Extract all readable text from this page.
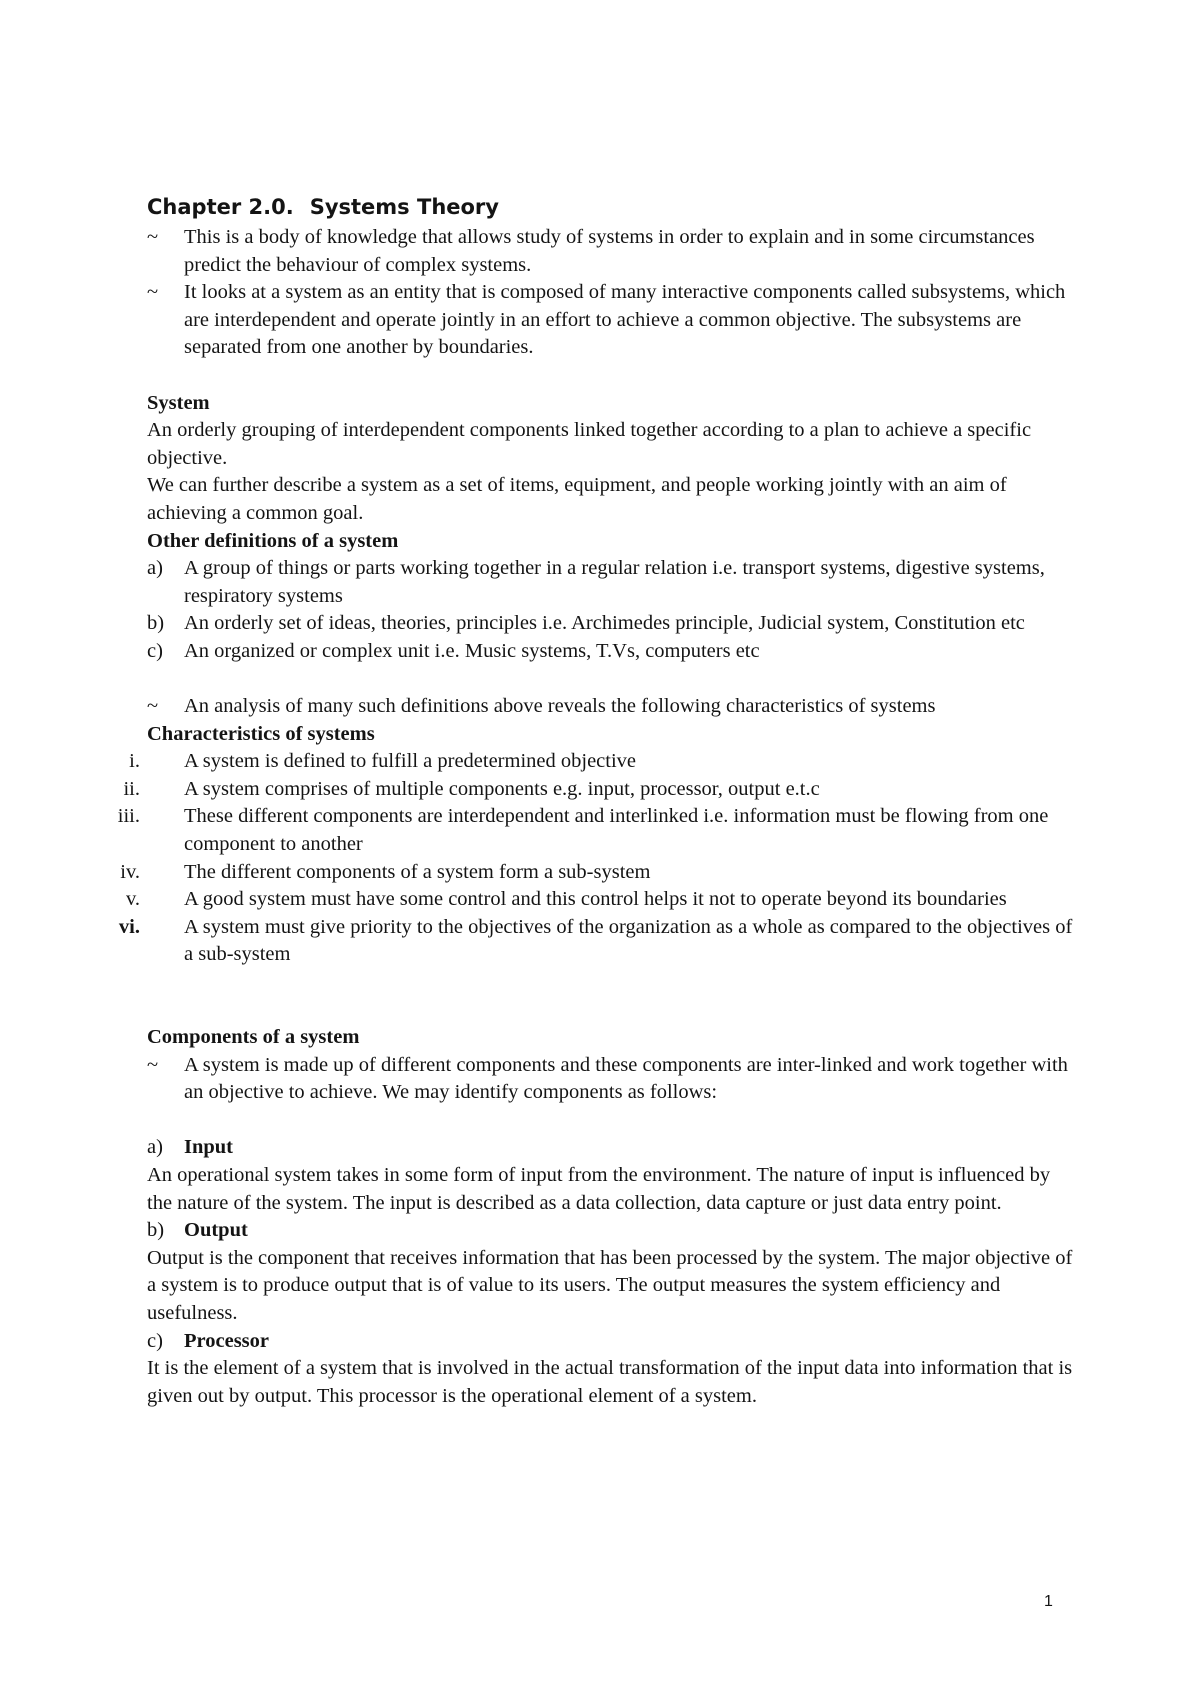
Chapter 2.0. Systems Theory
~	This is a body of knowledge that allows study of systems in order to explain and in some circumstances predict the behaviour of complex systems.
~	It looks at a system as an entity that is composed of many interactive components called subsystems, which are interdependent and operate jointly in an effort to achieve a common objective. The subsystems are separated from one another by boundaries.
System
An orderly grouping of interdependent components linked together according to a plan to achieve a specific objective.
We can further describe a system as a set of items, equipment, and people working jointly with an aim of achieving a common goal.
Other definitions of a system
a)	A group of things or parts working together in a regular relation i.e. transport systems, digestive systems, respiratory systems
b) An orderly set of ideas, theories, principles i.e. Archimedes principle, Judicial system, Constitution etc
c)	An organized or complex unit i.e. Music systems, T.Vs, computers etc
~	An analysis of many such definitions above reveals the following characteristics of systems
Characteristics of systems
i. A system is defined to fulfill a predetermined objective
ii. A system comprises of multiple components e.g. input, processor, output e.t.c
iii. These different components are interdependent and interlinked i.e. information must be flowing from one component to another
iv. The different components of a system form a sub-system
v. A good system must have some control and this control helps it not to operate beyond its boundaries
vi. A system must give priority to the objectives of the organization as a whole as compared to the objectives of a sub-system
Components of a system
~	A system is made up of different components and these components are inter-linked and work together with an objective to achieve. We may identify components as follows:
a) Input
An operational system takes in some form of input from the environment. The nature of input is influenced by the nature of the system. The input is described as a data collection, data capture or just data entry point.
b) Output
Output is the component that receives information that has been processed by the system. The major objective of a system is to produce output that is of value to its users. The output measures the system efficiency and usefulness.
c) Processor
It is the element of a system that is involved in the actual transformation of the input data into information that is given out by output. This processor is the operational element of a system.
1
